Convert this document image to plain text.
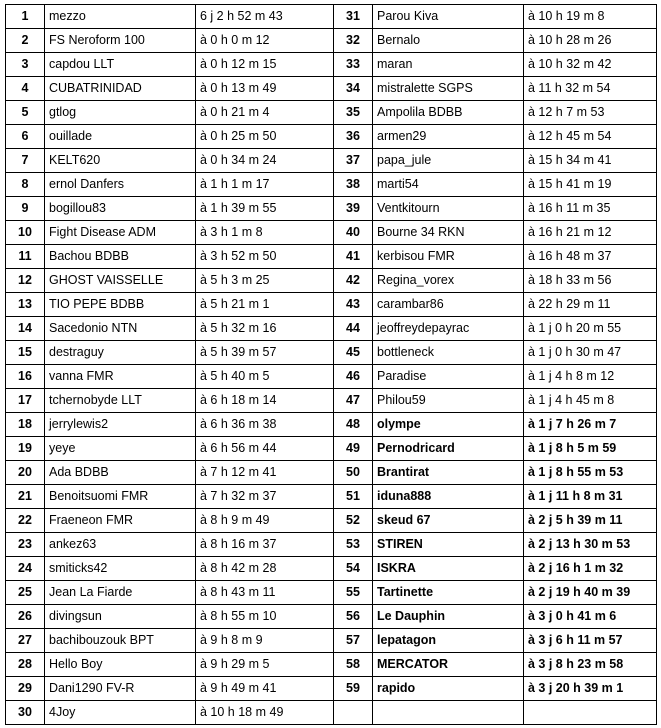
1	mezzo	6 j 2 h 52 m 43	31	Parou Kiva	à 10 h 19 m 8
2	FS Neroform 100	à 0 h 0 m 12	32	Bernalo	à 10 h 28 m 26
3	capdou LLT	à 0 h 12 m 15	33	maran	à 10 h 32 m 42
4	CUBATRINIDAD	à 0 h 13 m 49	34	mistralette SGPS	à 11 h 32 m 54
5	gtlog	à 0 h 21 m 4	35	Ampolila BDBB	à 12 h 7 m 53
6	ouillade	à 0 h 25 m 50	36	armen29	à 12 h 45 m 54
7	KELT620	à 0 h 34 m 24	37	papa_jule	à 15 h 34 m 41
8	ernol Danfers	à 1 h 1 m 17	38	marti54	à 15 h 41 m 19
9	bogillou83	à 1 h 39 m 55	39	Ventkitourn	à 16 h 11 m 35
10	Fight Disease ADM	à 3 h 1 m 8	40	Bourne 34 RKN	à 16 h 21 m 12
11	Bachou BDBB	à 3 h 52 m 50	41	kerbisou FMR	à 16 h 48 m 37
12	GHOST VAISSELLE	à 5 h 3 m 25	42	Regina_vorex	à 18 h 33 m 56
13	TIO PEPE BDBB	à 5 h 21 m 1	43	carambar86	à 22 h 29 m 11
14	Sacedonio NTN	à 5 h 32 m 16	44	jeoffreydepayrac	à 1 j 0 h 20 m 55
15	destraguy	à 5 h 39 m 57	45	bottleneck	à 1 j 0 h 30 m 47
16	vanna FMR	à 5 h 40 m 5	46	Paradise	à 1 j 4 h 8 m 12
17	tchernobyde LLT	à 6 h 18 m 14	47	Philou59	à 1 j 4 h 45 m 8
18	jerrylewis2	à 6 h 36 m 38	48	olympe	à 1 j 7 h 26 m 7
19	yeye	à 6 h 56 m 44	49	Pernodricard	à 1 j 8 h 5 m 59
20	Ada BDBB	à 7 h 12 m 41	50	Brantirat	à 1 j 8 h 55 m 53
21	Benoitsuomi FMR	à 7 h 32 m 37	51	iduna888	à 1 j 11 h 8 m 31
22	Fraeneon FMR	à 8 h 9 m 49	52	skeud 67	à 2 j 5 h 39 m 11
23	ankez63	à 8 h 16 m 37	53	STIREN	à 2 j 13 h 30 m 53
24	smiticks42	à 8 h 42 m 28	54	ISKRA	à 2 j 16 h 1 m 32
25	Jean La Fiarde	à 8 h 43 m 11	55	Tartinette	à 2 j 19 h 40 m 39
26	divingsun	à 8 h 55 m 10	56	Le Dauphin	à 3 j 0 h 41 m 6
27	bachibouzouk BPT	à 9 h 8 m 9	57	lepatagon	à 3 j 6 h 11 m 57
28	Hello Boy	à 9 h 29 m 5	58	MERCATOR	à 3 j 8 h 23 m 58
29	Dani1290 FV-R	à 9 h 49 m 41	59	rapido	à 3 j 20 h 39 m 1
30	4Joy	à 10 h 18 m 49			
